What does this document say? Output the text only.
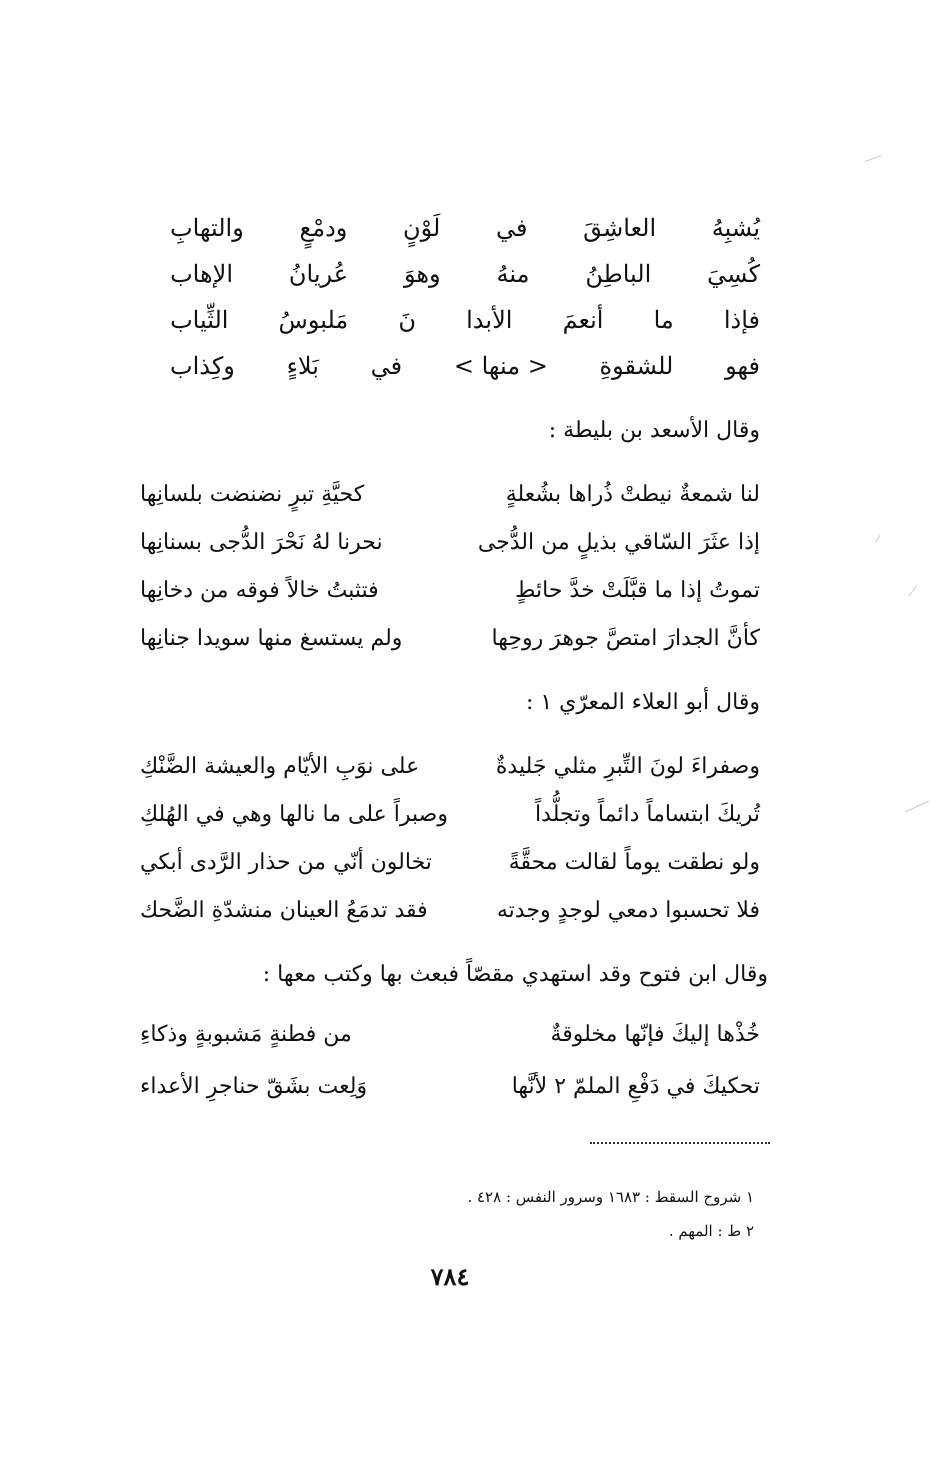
يُشبِهُ
العاشِقَ
في
لَوْنٍ
ودمْعٍ
والتهابِ
كُسِيَ
الباطِنُ
منهُ
وهوَ
عُريانُ
الإهاب
فإذا
ما
أنعمَ
الأبدا
نَ
مَلبوسُ
الثِّياب
فهو
للشقوةِ
< منها >
في
بَلاءٍ
وكِذاب
وقال الأسعد بن بليطة :
لنا شمعةٌ نيطتْ ذُراها بشُعلةٍ
كحيَّةِ تبرٍ نضنضت بلسانِها
إذا عثَرَ السّاقي بذيلٍ من الدُّجى
نحرنا لهُ نَحْرَ الدُّجى بسنانِها
تموتُ إذا ما قبَّلَتْ خدَّ حائطٍ
فتثبتُ خالاً فوقه من دخانِها
كأنَّ الجدارَ امتصَّ جوهرَ روحِها
ولم يستسغ منها سويدا جنانِها
وقال أبو العلاء المعرّي ١ :
وصفراءَ لونَ التِّبرِ مثلي جَليدةٌ
على نوَبِ الأيّام والعيشة الضَّنْكِ
تُريكَ ابتساماً دائماً وتجلُّداً
وصبراً على ما نالها وهي في الهُلكِ
ولو نطقت يوماً لقالت محقَّةً
تخالون أنّي من حذار الرَّدى أبكي
فلا تحسبوا دمعي لوجدٍ وجدته
فقد تدمَعُ العينان منشدّةِ الضَّحك
وقال ابن فتوح وقد استهدي مقصّاً فبعث بها وكتب معها :
خُذْها إليكَ فإنّها مخلوقةٌ
من فطنةٍ مَشبوبةٍ وذكاءِ
تحكيكَ في دَفْعِ الملمّ ٢ لأنَّها
وَلِعت بشَقّ حناجرِ الأعداء
١ شروح السقط : ١٦٨٣ وسرور النفس : ٤٢٨ .
٢ ط : المهم .
٧٨٤
